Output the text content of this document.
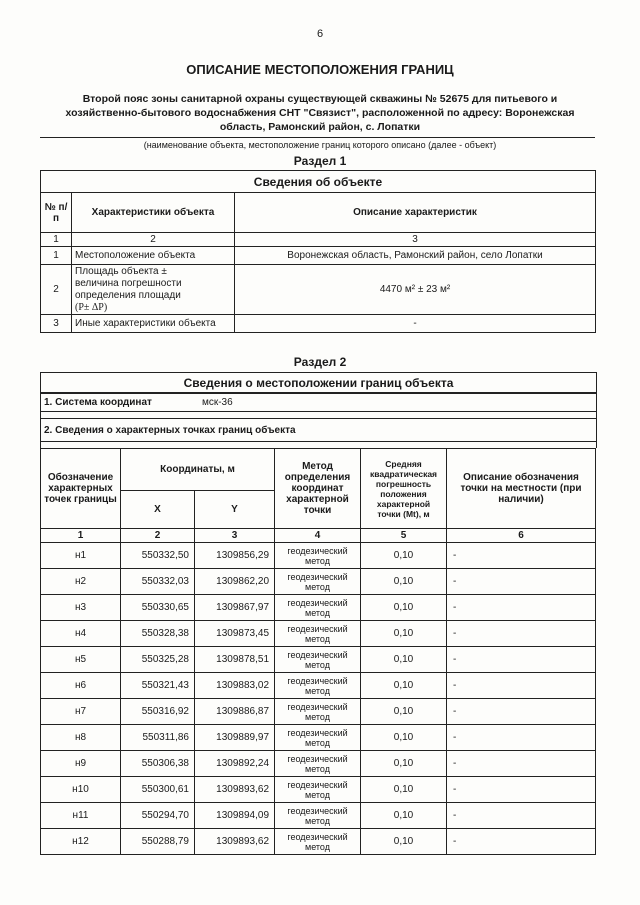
6
ОПИСАНИЕ МЕСТОПОЛОЖЕНИЯ ГРАНИЦ
Второй пояс зоны санитарной охраны существующей скважины № 52675 для питьевого и
хозяйственно-бытового водоснабжения СНТ "Связист", расположенной по адресу: Воронежская
область, Рамонский район, с. Лопатки
(наименование объекта, местоположение границ которого описано (далее - объект)
Раздел 1
Сведения об объекте		
№ п/п	Характеристики объекта	Описание характеристик
1	2	3
1	Местоположение объекта	Воронежская область, Рамонский район, село Лопатки
2	Площадь объекта ±
величина погрешности
определения площади
(P± ΔP)	4470 м² ± 23 м²
3	Иные характеристики объекта	-
Раздел 2
Сведения о местоположении границ объекта
1. Система координат	мск-36
2. Сведения о характерных точках границ объекта
Обозначение характерных точек границы	Координаты, м		Метод определения координат характерной точки	Средняя квадратическая погрешность положения характерной точки (Mt), м	Описание обозначения точки на местности (при наличии)
	X	Y			
1	2	3	4	5	6
н1	550332,50	1309856,29	геодезический метод	0,10	-
н2	550332,03	1309862,20	геодезический метод	0,10	-
н3	550330,65	1309867,97	геодезический метод	0,10	-
н4	550328,38	1309873,45	геодезический метод	0,10	-
н5	550325,28	1309878,51	геодезический метод	0,10	-
н6	550321,43	1309883,02	геодезический метод	0,10	-
н7	550316,92	1309886,87	геодезический метод	0,10	-
н8	550311,86	1309889,97	геодезический метод	0,10	-
н9	550306,38	1309892,24	геодезический метод	0,10	-
н10	550300,61	1309893,62	геодезический метод	0,10	-
н11	550294,70	1309894,09	геодезический метод	0,10	-
н12	550288,79	1309893,62	геодезический метод	0,10	-
